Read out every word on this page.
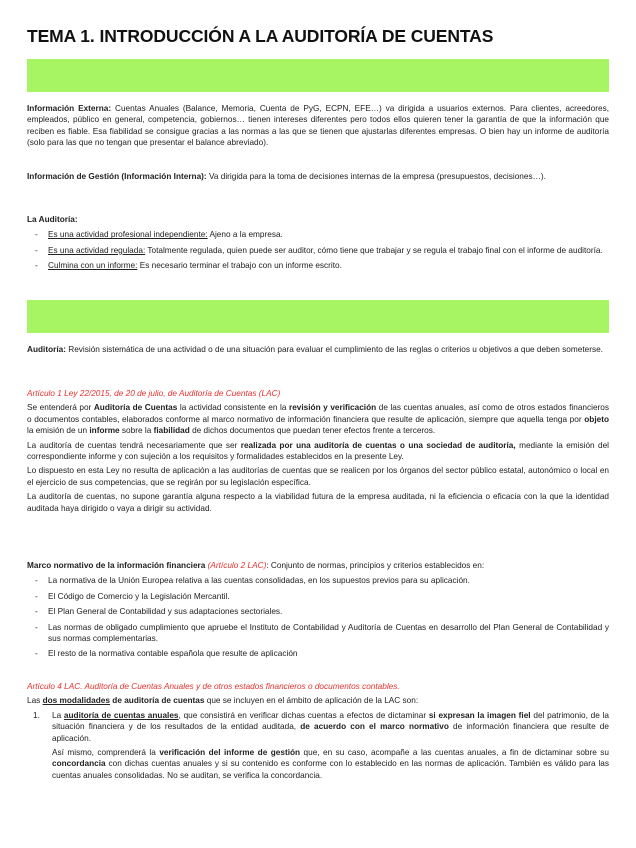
TEMA 1. INTRODUCCIÓN A LA AUDITORÍA DE CUENTAS

Información Externa: Cuentas Anuales (Balance, Memoria, Cuenta de PyG, ECPN, EFE…) va dirigida a usuarios externos. Para clientes, acreedores, empleados, público en general, competencia, gobiernos… tienen intereses diferentes pero todos ellos quieren tener la garantía de que la información que reciben es fiable. Esa fiabilidad se consigue gracias a las normas a las que se tienen que ajustarlas diferentes empresas. O bien hay un informe de auditoría (solo para las que no tengan que presentar el balance abreviado).

Información de Gestión (Información Interna): Va dirigida para la toma de decisiones internas de la empresa (presupuestos, decisiones…).

La Auditoría:

- Es una actividad profesional independiente: Ajeno a la empresa.
- Es una actividad regulada: Totalmente regulada, quien puede ser auditor, cómo tiene que trabajar y se regula el trabajo final con el informe de auditoría.
- Culmina con un informe: Es necesario terminar el trabajo con un informe escrito.

Auditoría: Revisión sistemática de una actividad o de una situación para evaluar el cumplimiento de las reglas o criterios u objetivos a que deben someterse.

Artículo 1 Ley 22/2015, de 20 de julio, de Auditoría de Cuentas (LAC)

Se entenderá por Auditoría de Cuentas la actividad consistente en la revisión y verificación de las cuentas anuales, así como de otros estados financieros o documentos contables, elaborados conforme al marco normativo de información financiera que resulte de aplicación, siempre que aquella tenga por objeto la emisión de un informe sobre la fiabilidad de dichos documentos que puedan tener efectos frente a terceros.

La auditoría de cuentas tendrá necesariamente que ser realizada por una auditoría de cuentas o una sociedad de auditoría, mediante la emisión del correspondiente informe y con sujeción a los requisitos y formalidades establecidos en la presente Ley.

Lo dispuesto en esta Ley no resulta de aplicación a las auditorías de cuentas que se realicen por los órganos del sector público estatal, autonómico o local en el ejercicio de sus competencias, que se regirán por su legislación específica.

La auditoría de cuentas, no supone garantía alguna respecto a la viabilidad futura de la empresa auditada, ni la eficiencia o eficacia con la que la identidad auditada haya dirigido o vaya a dirigir su actividad.

Marco normativo de la información financiera (Artículo 2 LAC): Conjunto de normas, principios y criterios establecidos en:

- La normativa de la Unión Europea relativa a las cuentas consolidadas, en los supuestos previos para su aplicación.
- El Código de Comercio y la Legislación Mercantil.
- El Plan General de Contabilidad y sus adaptaciones sectoriales.
- Las normas de obligado cumplimiento que apruebe el Instituto de Contabilidad y Auditoría de Cuentas en desarrollo del Plan General de Contabilidad y sus normas complementarias.
- El resto de la normativa contable española que resulte de aplicación

Artículo 4 LAC. Auditoría de Cuentas Anuales y de otros estados financieros o documentos contables.

Las dos modalidades de auditoría de cuentas que se incluyen en el ámbito de aplicación de la LAC son:

1. La auditoría de cuentas anuales, que consistirá en verificar dichas cuentas a efectos de dictaminar si expresan la imagen fiel del patrimonio, de la situación financiera y de los resultados de la entidad auditada, de acuerdo con el marco normativo de información financiera que resulte de aplicación.

Así mismo, comprenderá la verificación del informe de gestión que, en su caso, acompañe a las cuentas anuales, a fin de dictaminar sobre su concordancia con dichas cuentas anuales y si su contenido es conforme con lo establecido en las normas de aplicación. También es válido para las cuentas anuales consolidadas. No se auditan, se verifica la concordancia.
